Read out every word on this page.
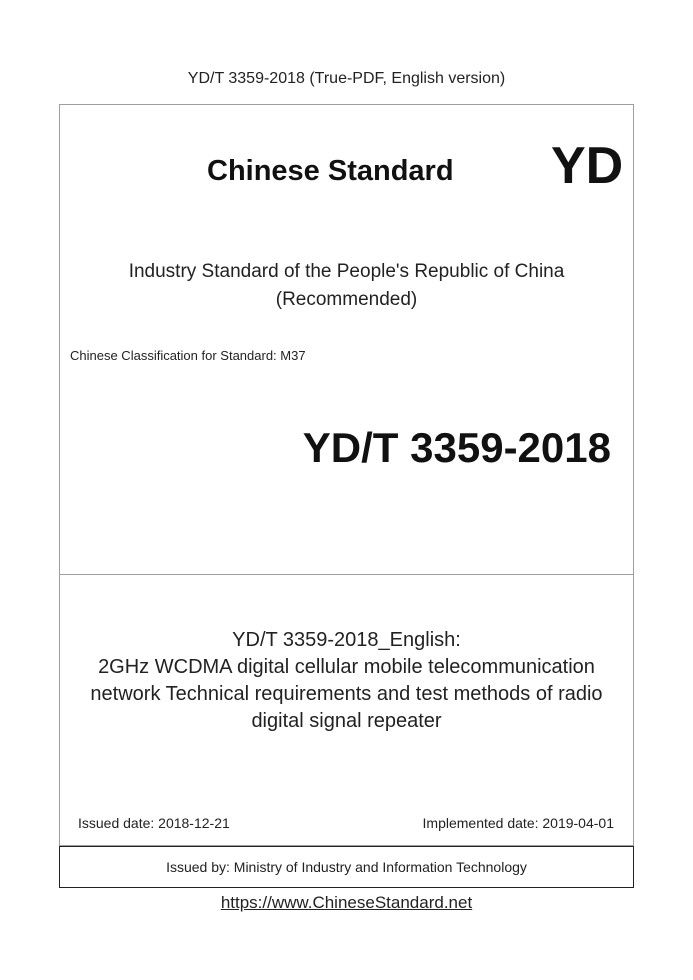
YD/T 3359-2018 (True-PDF, English version)
Chinese Standard YD
Industry Standard of the People's Republic of China
(Recommended)
Chinese Classification for Standard: M37
YD/T 3359-2018
YD/T 3359-2018_English:
2GHz WCDMA digital cellular mobile telecommunication
network Technical requirements and test methods of radio
digital signal repeater
Issued date: 2018-12-21	Implemented date: 2019-04-01
Issued by: Ministry of Industry and Information Technology
https://www.ChineseStandard.net
